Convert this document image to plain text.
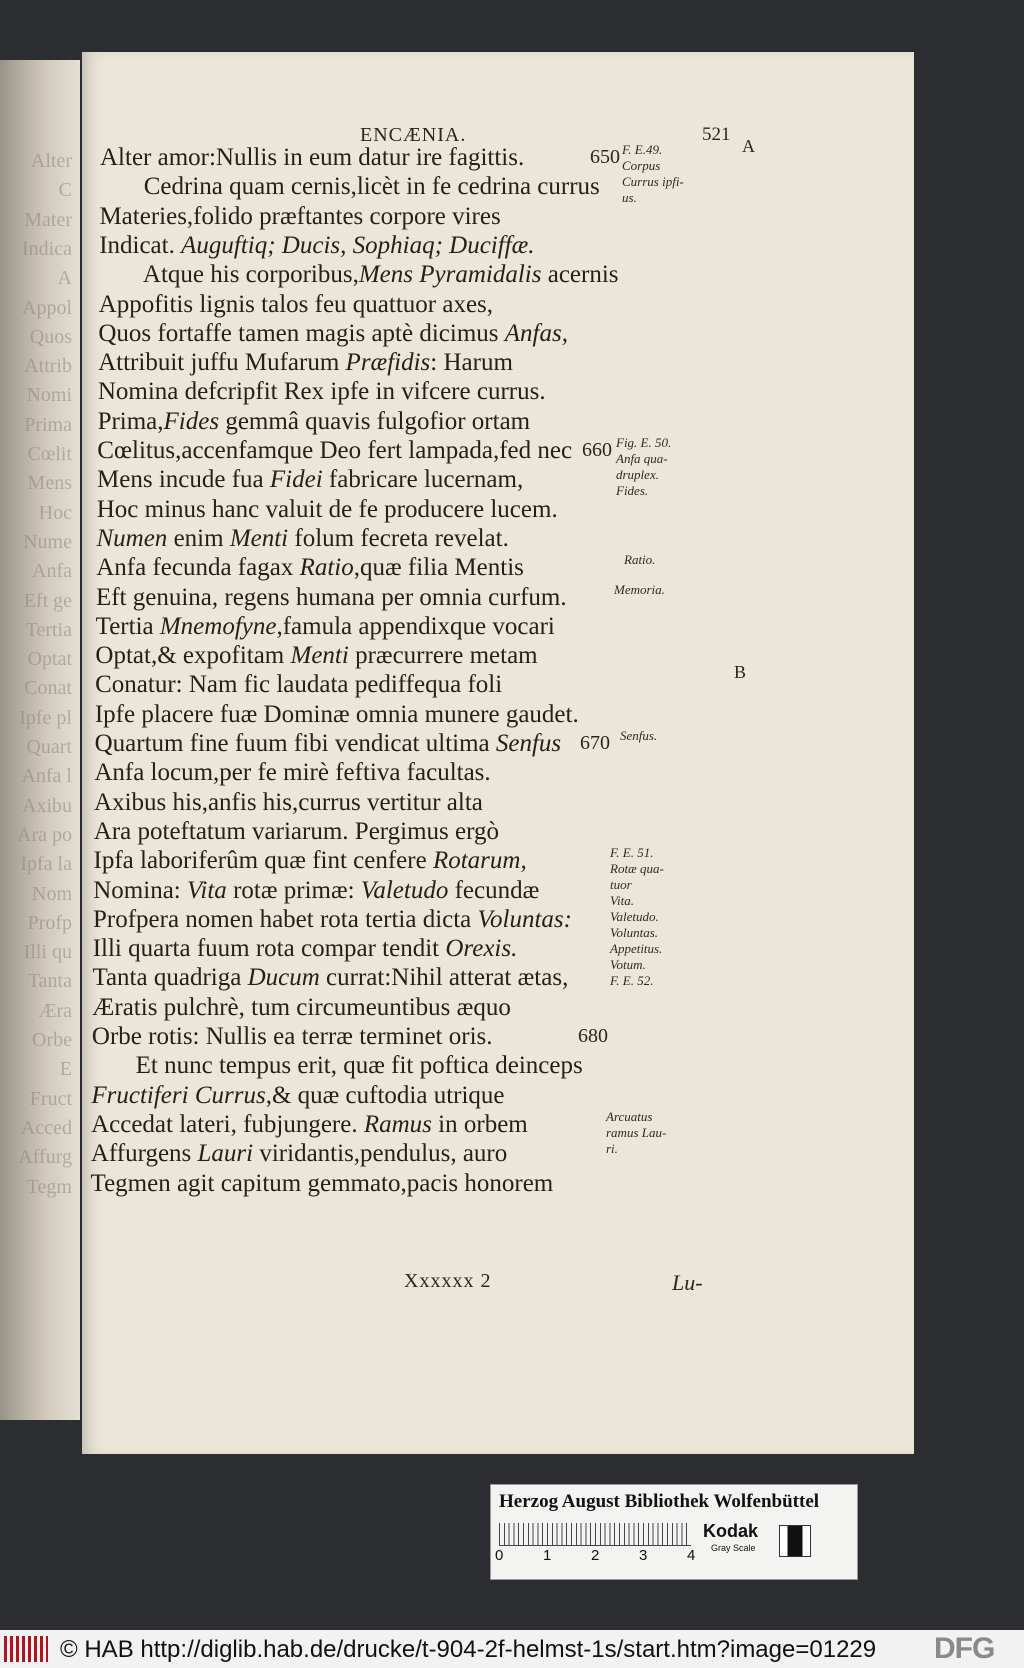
Alter
C
Mater
Indica
A
Appol
Quos
Attrib
Nomi
Prima
Cœlit
Mens
Hoc
Nume
Anfa
Eft ge
Tertia
Optat
Conat
Ipfe pl
Quart
Anfa l
Axibu
Ara po
Ipfa la
Nom
Profp
Illi qu
Tanta
Æra
Orbe
E
Fruct
Acced
Affurg
Tegm
ENCÆNIA.	521
A
B
Alter amor:Nullis in eum datur ire fagittis.	650
Cedrina quam cernis,licèt in fe cedrina currus
Materies,folido præftantes corpore vires
Indicat. Auguftiq; Ducis, Sophiaq; Duciffæ.
Atque his corporibus,Mens Pyramidalis acernis
Appofitis lignis talos feu quattuor axes,
Quos fortaffe tamen magis aptè dicimus Anfas,
Attribuit juffu Mufarum Præfidis: Harum
Nomina defcripfit Rex ipfe in vifcere currus.
Prima,Fides gemmâ quavis fulgofior ortam
Cœlitus,accenfamque Deo fert lampada,fed nec 660
Mens incude fua Fidei fabricare lucernam,
Hoc minus hanc valuit de fe producere lucem.
Numen enim Menti folum fecreta revelat.
Anfa fecunda fagax Ratio,quæ filia Mentis
Eft genuina, regens humana per omnia curfum.
Tertia Mnemofyne,famula appendixque vocari
Optat,& expofitam Menti præcurrere metam
Conatur: Nam fic laudata pediffequa foli
Ipfe placere fuæ Dominæ omnia munere gaudet.
Quartum fine fuum fibi vendicat ultima Senfus 670
Anfa locum,per fe mirè feftiva facultas.
Axibus his,anfis his,currus vertitur alta
Ara poteftatum variarum. Pergimus ergò
Ipfa laboriferûm quæ fint cenfere Rotarum,
Nomina: Vita rotæ primæ: Valetudo fecundæ
Profpera nomen habet rota tertia dicta Voluntas:
Illi quarta fuum rota compar tendit Orexis.
Tanta quadriga Ducum currat:Nihil atterat ætas,
Æratis pulchrè, tum circumeuntibus æquo
Orbe rotis: Nullis ea terræ terminet oris.	680
Et nunc tempus erit, quæ fit poftica deinceps
Fructiferi Currus,& quæ cuftodia utrique
Accedat lateri, fubjungere. Ramus in orbem
Affurgens Lauri viridantis,pendulus, auro
Tegmen agit capitum gemmato,pacis honorem
F. E.49.
Corpus
Currus ipfi-
us.
Fig. E. 50.
Anfa qua-
druplex.
Fides.
Ratio.
Memoria.
Senfus.
F. E. 51.
Rotæ qua-
tuor
Vita.
Valetudo.
Voluntas.
Appetitus.
Votum.
F. E. 52.
Arcuatus
ramus Lau-
ri.
Xxxxxx 2	Lu-
Herzog August Bibliothek Wolfenbüttel
0	1	2	3	4
Kodak
Gray Scale
© HAB http://diglib.hab.de/drucke/t-904-2f-helmst-1s/start.htm?image=01229 DFG
